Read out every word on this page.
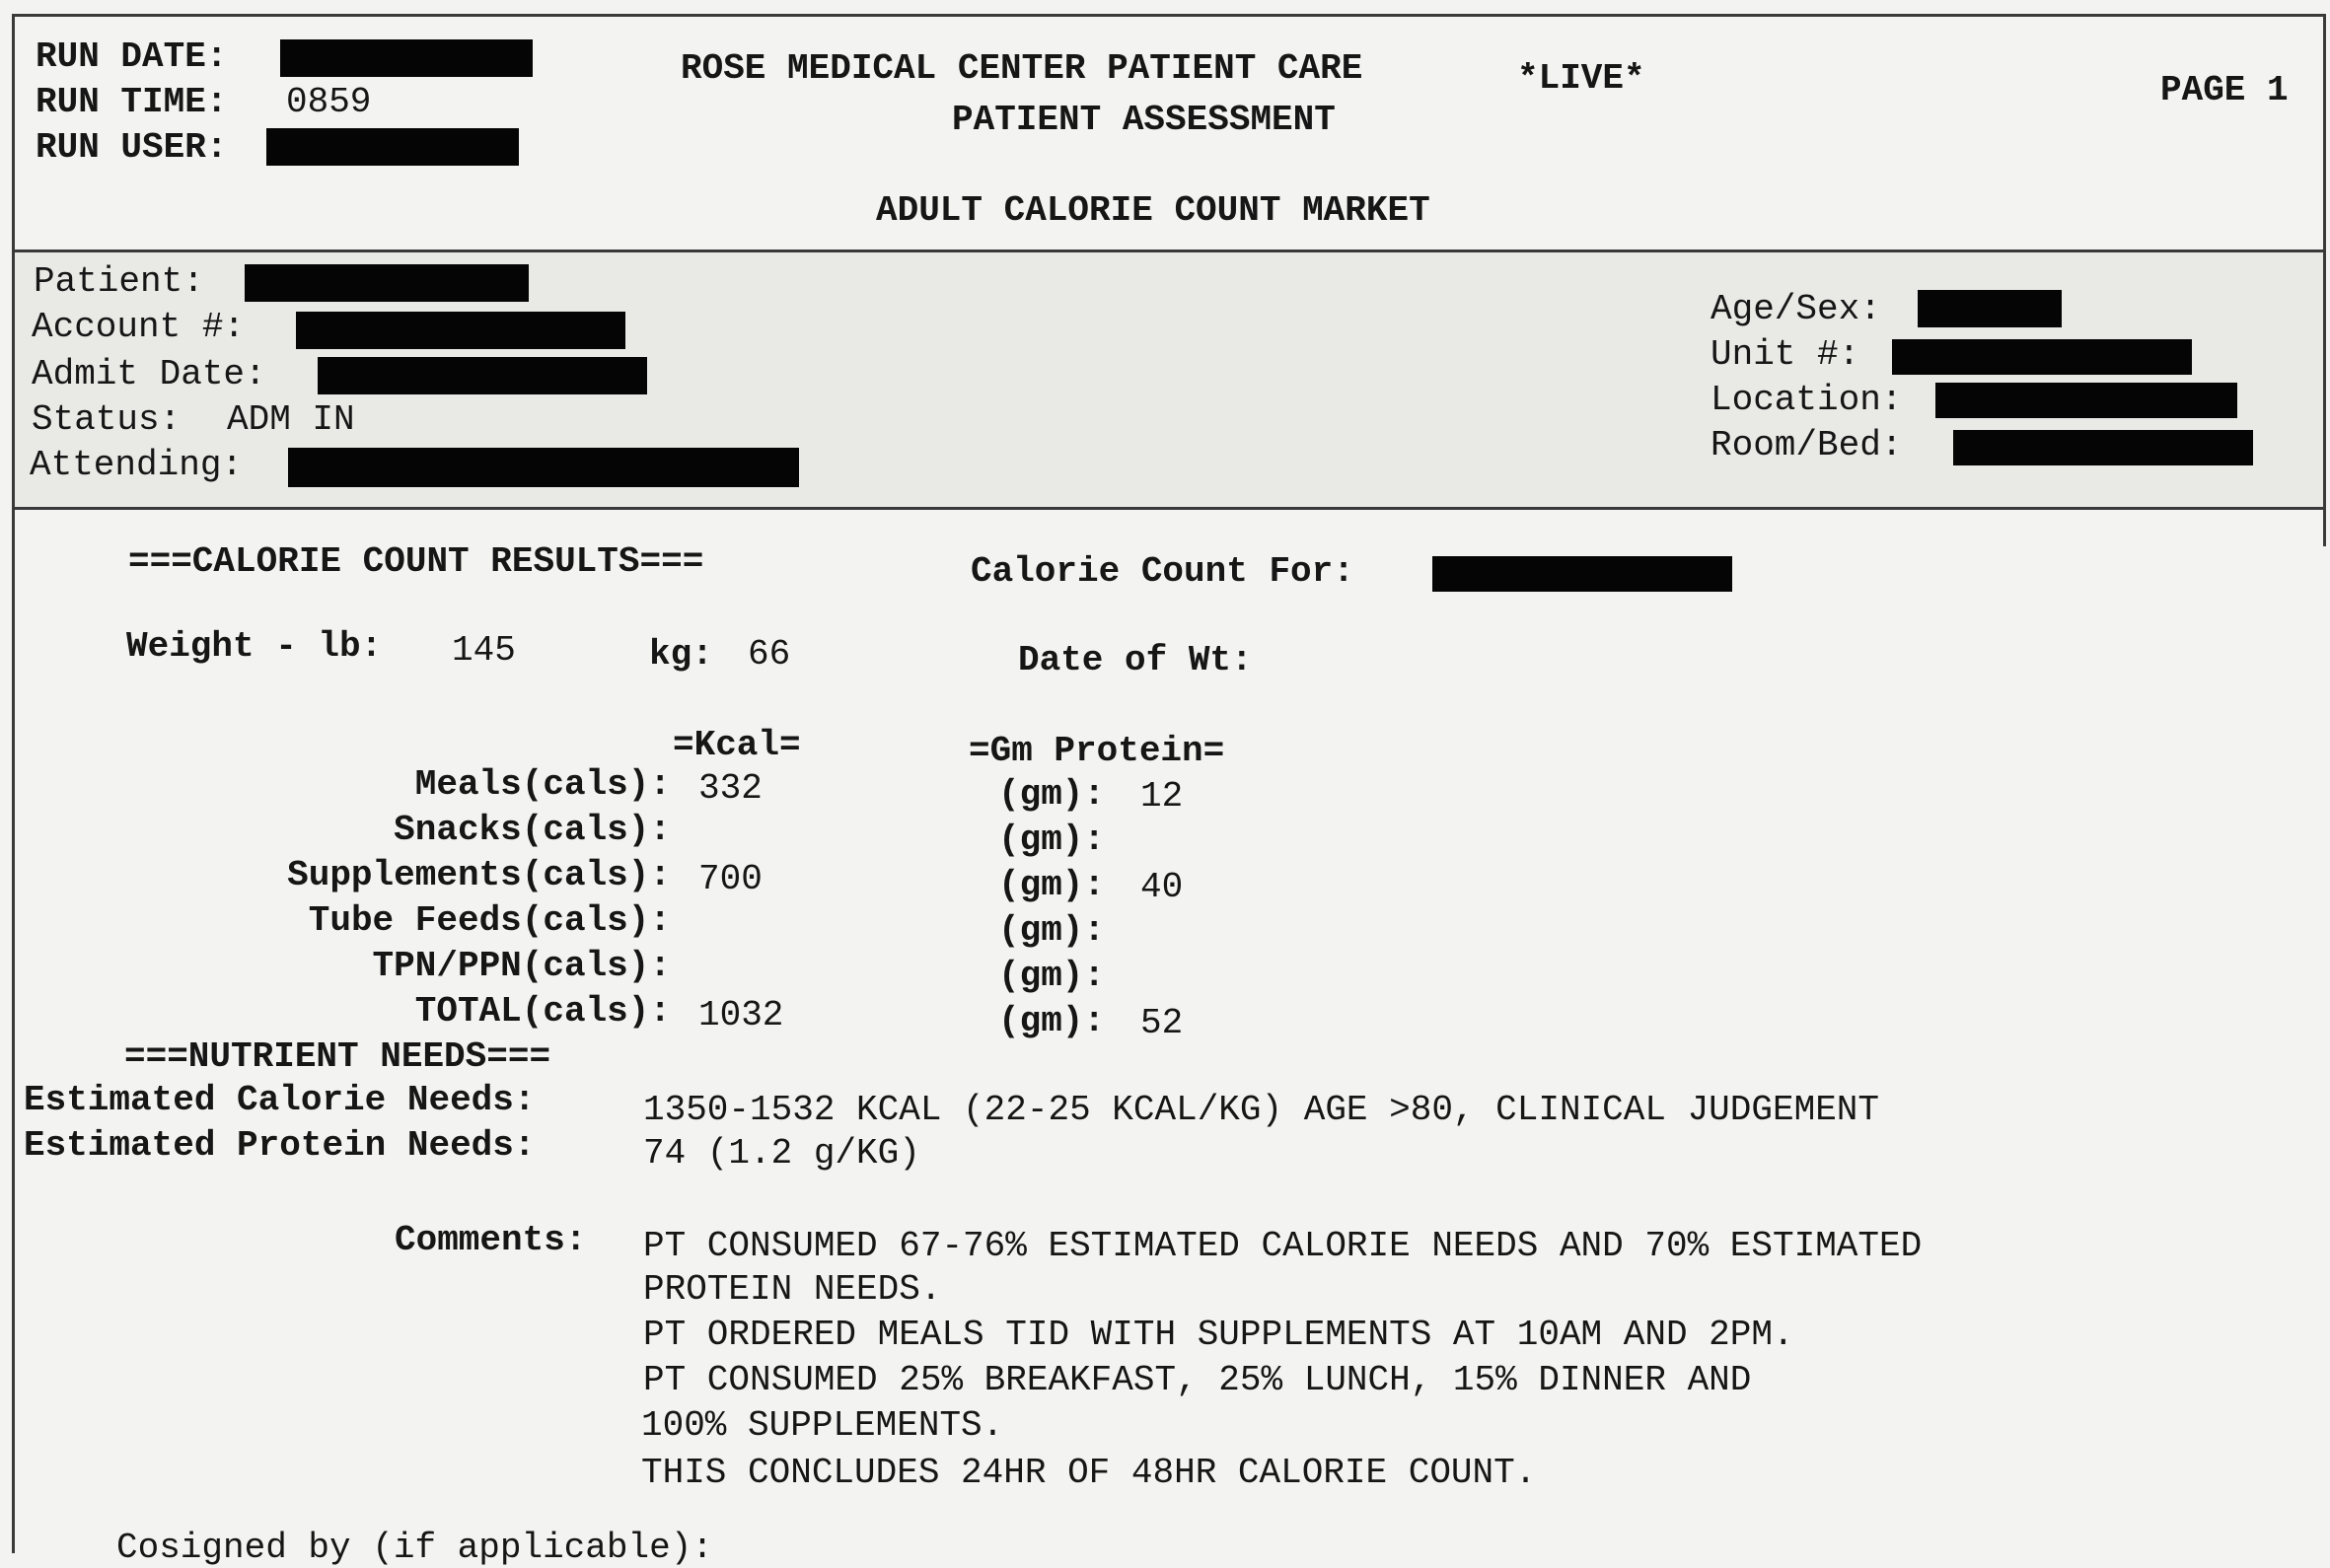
RUN DATE:
RUN TIME: 0859
RUN USER:
ROSE MEDICAL CENTER PATIENT CARE	*LIVE*	PAGE 1
PATIENT ASSESSMENT
ADULT CALORIE COUNT MARKET
Patient:
Account #:
Admit Date:
Status: ADM IN
Attending:
Age/Sex:
Unit #:
Location:
Room/Bed:
===CALORIE COUNT RESULTS===	Calorie Count For:
Weight - lb: 145	kg: 66	Date of Wt:
=Kcal=	=Gm Protein=
Meals(cals): 332	(gm): 12
Snacks(cals):	(gm):
Supplements(cals): 700	(gm): 40
Tube Feeds(cals):	(gm):
TPN/PPN(cals):	(gm):
TOTAL(cals): 1032	(gm): 52
===NUTRIENT NEEDS===
Estimated Calorie Needs:	1350-1532 KCAL (22-25 KCAL/KG) AGE >80, CLINICAL JUDGEMENT
Estimated Protein Needs:	74 (1.2 g/KG)
Comments: PT CONSUMED 67-76% ESTIMATED CALORIE NEEDS AND 70% ESTIMATED
PROTEIN NEEDS.
PT ORDERED MEALS TID WITH SUPPLEMENTS AT 10AM AND 2PM.
PT CONSUMED 25% BREAKFAST, 25% LUNCH, 15% DINNER AND
100% SUPPLEMENTS.
THIS CONCLUDES 24HR OF 48HR CALORIE COUNT.
Cosigned by (if applicable):
